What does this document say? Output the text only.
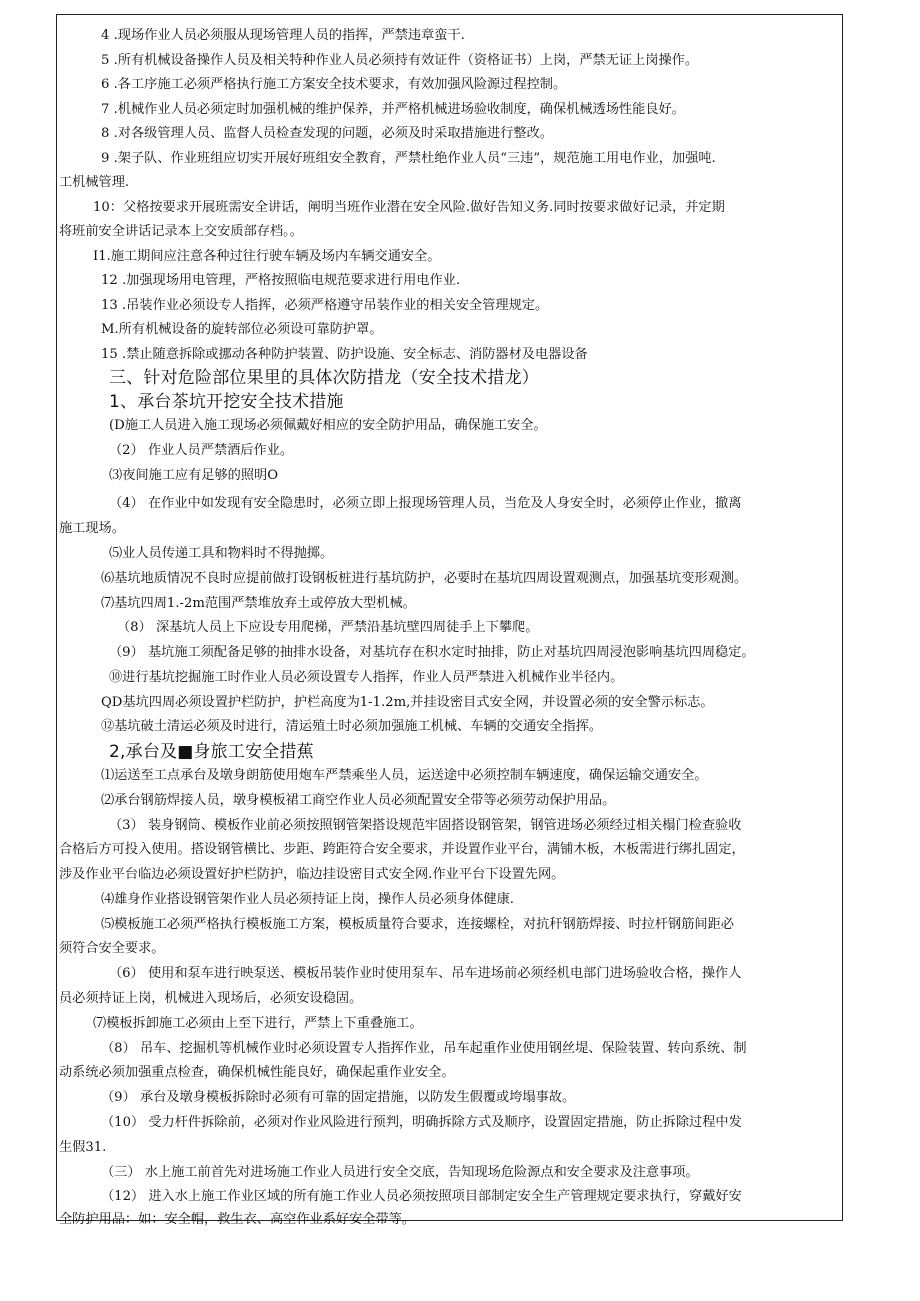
4 .现场作业人员必须服从现场管理人员的指挥，严禁违章蛮干.
5 .所有机械设备操作人员及相关特种作业人员必须持有效证件（资格证书）上岗，严禁无证上岗操作。
6 .各工序施工必须严格执行施工方案安全技术要求，有效加强风险源过程控制。
7 .机械作业人员必须定时加强机械的维护保养，并严格机械进场验收制度，确保机械透场性能良好。
8 .对各级管理人员、监督人员检查发现的问题，必须及时采取措施进行整改。
9 .架子队、作业班组应切实开展好班组安全教育，严禁杜绝作业人员“三违”，规范施工用电作业，加强吨.
工机械管理.
10：父格按要求开展班需安全讲话，阐明当班作业潜在安全风险.做好告知义务.同时按要求做好记录，并定期
将班前安全讲话记录本上交安质部存档。。
I1.施工期间应注意各种过往行驶车辆及场内车辆交通安全。
12 .加强现场用电管理，严格按照临电规范要求进行用电作业.
13 .吊装作业必须设专人指挥，必须严格遵守吊装作业的相关安全管理规定。
M.所有机械设备的旋转部位必须设可靠防护罩。
15 .禁止随意拆除或挪动各种防护装置、防护设施、安全标志、消防器材及电器设备
三、针对危险部位果里的具体次防措龙（安全技术措龙）
1、承台茶坑开挖安全技术措施
(D施工人员进入施工现场必须佩戴好相应的安全防护用品，确保施工安全。
（2） 作业人员严禁酒后作业。
⑶夜间施工应有足够的照明O
（4） 在作业中如发现有安全隐患时，必须立即上报现场管理人员，当危及人身安全时，必须停止作业，撤离
施工现场。
⑸业人员传递工具和物料时不得抛掷。
⑹基坑地质情况不良时应提前做打设钢板桩进行基坑防护，必要时在基坑四周设置观测点，加强基坑变形观测。
⑺基坑四周1.-2m范围严禁堆放弃土或停放大型机械。
（8） 深基坑人员上下应设专用爬梯，严禁沿基坑壁四周徒手上下攀爬。
（9） 基坑施工须配备足够的抽排水设备，对基坑存在积水定时抽排，防止对基坑四周浸泡影响基坑四周稳定。
⑩进行基坑挖掘施工时作业人员必须设置专人指挥，作业人员严禁进入机械作业半径内。
QD基坑四周必须设置护栏防护，护栏高度为1-1.2m,并挂设密目式安全网，并设置必须的安全警示标志。
⑫基坑破土清运必须及时进行，清运殖土时必须加强施工机械、车辆的交通安全指挥。
2,承台及■身旅工安全措蕉
⑴运送至工点承台及墩身朗筋使用炮车严禁乘坐人员，运送途中必须控制车辆速度，确保运输交通安全。
⑵承台钢筋焊接人员，墩身模板裙工商空作业人员必须配置安全带等必须劳动保护用品。
（3） 装身钢筒、模板作业前必须按照钢管架搭设规范牢固搭设钢管架，钢管进场必须经过相关榻门检查验收
合格后方可投入使用。搭设钢管横比、步距、跨距符合安全要求，并设置作业平台，满铺木板，木板需进行绑扎固定，
涉及作业平台临边必须设置好护栏防护，临边挂设密目式安全网.作业平台下设置先网。
⑷雄身作业搭设钢管架作业人员必须持证上岗，操作人员必须身体健康.
⑸模板施工必须严格执行模板施工方案，模板质量符合要求，连接螺栓，对抗秆钢筋焊接、时拉杆钢筋间距必
须符合安全要求。
（6） 使用和泵车进行映泵送、模板吊装作业时使用泵车、吊车进场前必须经机电部门进场验收合格，操作人
员必须持证上岗，机械进入现场后，必须安设稳固。
⑺模板拆卸施工必须由上至下进行，严禁上下重叠施工。
（8） 吊车、挖掘机等机械作业时必须设置专人指挥作业，吊车起重作业使用钢丝堤、保险装置、转向系统、制
动系统必须加强重点检查，确保机械性能良好，确保起重作业安全。
（9） 承台及墩身模板拆除时必须有可靠的固定措施，以防发生假覆或垮塌事故。
（10） 受力杆件拆除前，必须对作业风险进行预判，明确拆除方式及顺序，设置固定措施，防止拆除过程中发
生假31.
（三） 水上施工前首先对进场施工作业人员进行安全交底，告知现场危险源点和安全要求及注意事项。
（12） 进入水上施工作业区域的所有施工作业人员必须按照项目部制定安全生产管理规定要求执行，穿戴好安
全防护用品：如：安全帽，救生衣、高空作业系好安全带等。
